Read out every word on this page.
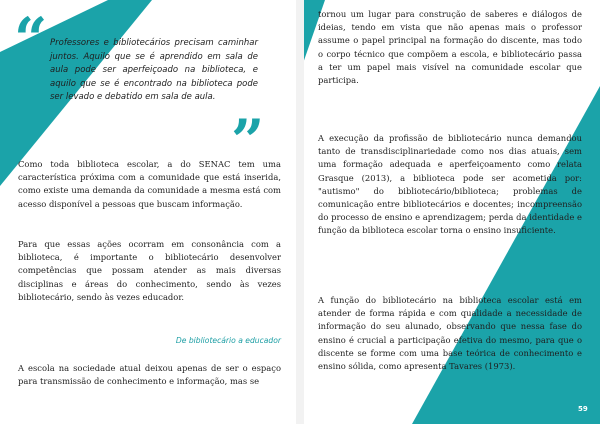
“ Professores e bibliotecários precisam caminhar juntos. Aquilo que se é aprendido em sala de aula pode ser aperfeiçoado na biblioteca, e aquilo que se é encontrado na biblioteca pode ser levado e debatido em sala de aula.

”

Como toda biblioteca escolar, a do SENAC tem uma característica próxima com a comunidade que está inserida, como existe uma demanda da comunidade a mesma está com acesso disponível a pessoas que buscam informação.

Para que essas ações ocorram em consonância com a biblioteca, é importante o bibliotecário desenvolver competências que possam atender as mais diversas disciplinas e áreas do conhecimento, sendo às vezes bibliotecário, sendo às vezes educador.

De bibliotecário a educador

A escola na sociedade atual deixou apenas de ser o espaço para transmissão de conhecimento e informação, mas se

tornou um lugar para construção de saberes e diálogos de ideias, tendo em vista que não apenas mais o professor assume o papel principal na formação do discente, mas todo o corpo técnico que compõem a escola, e bibliotecário passa a ter um papel mais visível na comunidade escolar que participa.

A execução da profissão de bibliotecário nunca demandou tanto de transdisciplinariedade como nos dias atuais, sem uma formação adequada e aperfeiçoamento como relata Grasque (2013), a biblioteca pode ser acometida por: "autismo" do bibliotecário/biblioteca; problemas de comunicação entre bibliotecários e docentes; incompreensão do processo de ensino e aprendizagem; perda da identidade e função da biblioteca escolar torna o ensino insuficiente.

A função do bibliotecário na biblioteca escolar está em atender de forma rápida e com qualidade a necessidade de informação do seu alunado, observando que nessa fase do ensino é crucial a participação efetiva do mesmo, para que o discente se forme com uma base teórica de conhecimento e ensino sólida, como apresenta Tavares (1973).

59
